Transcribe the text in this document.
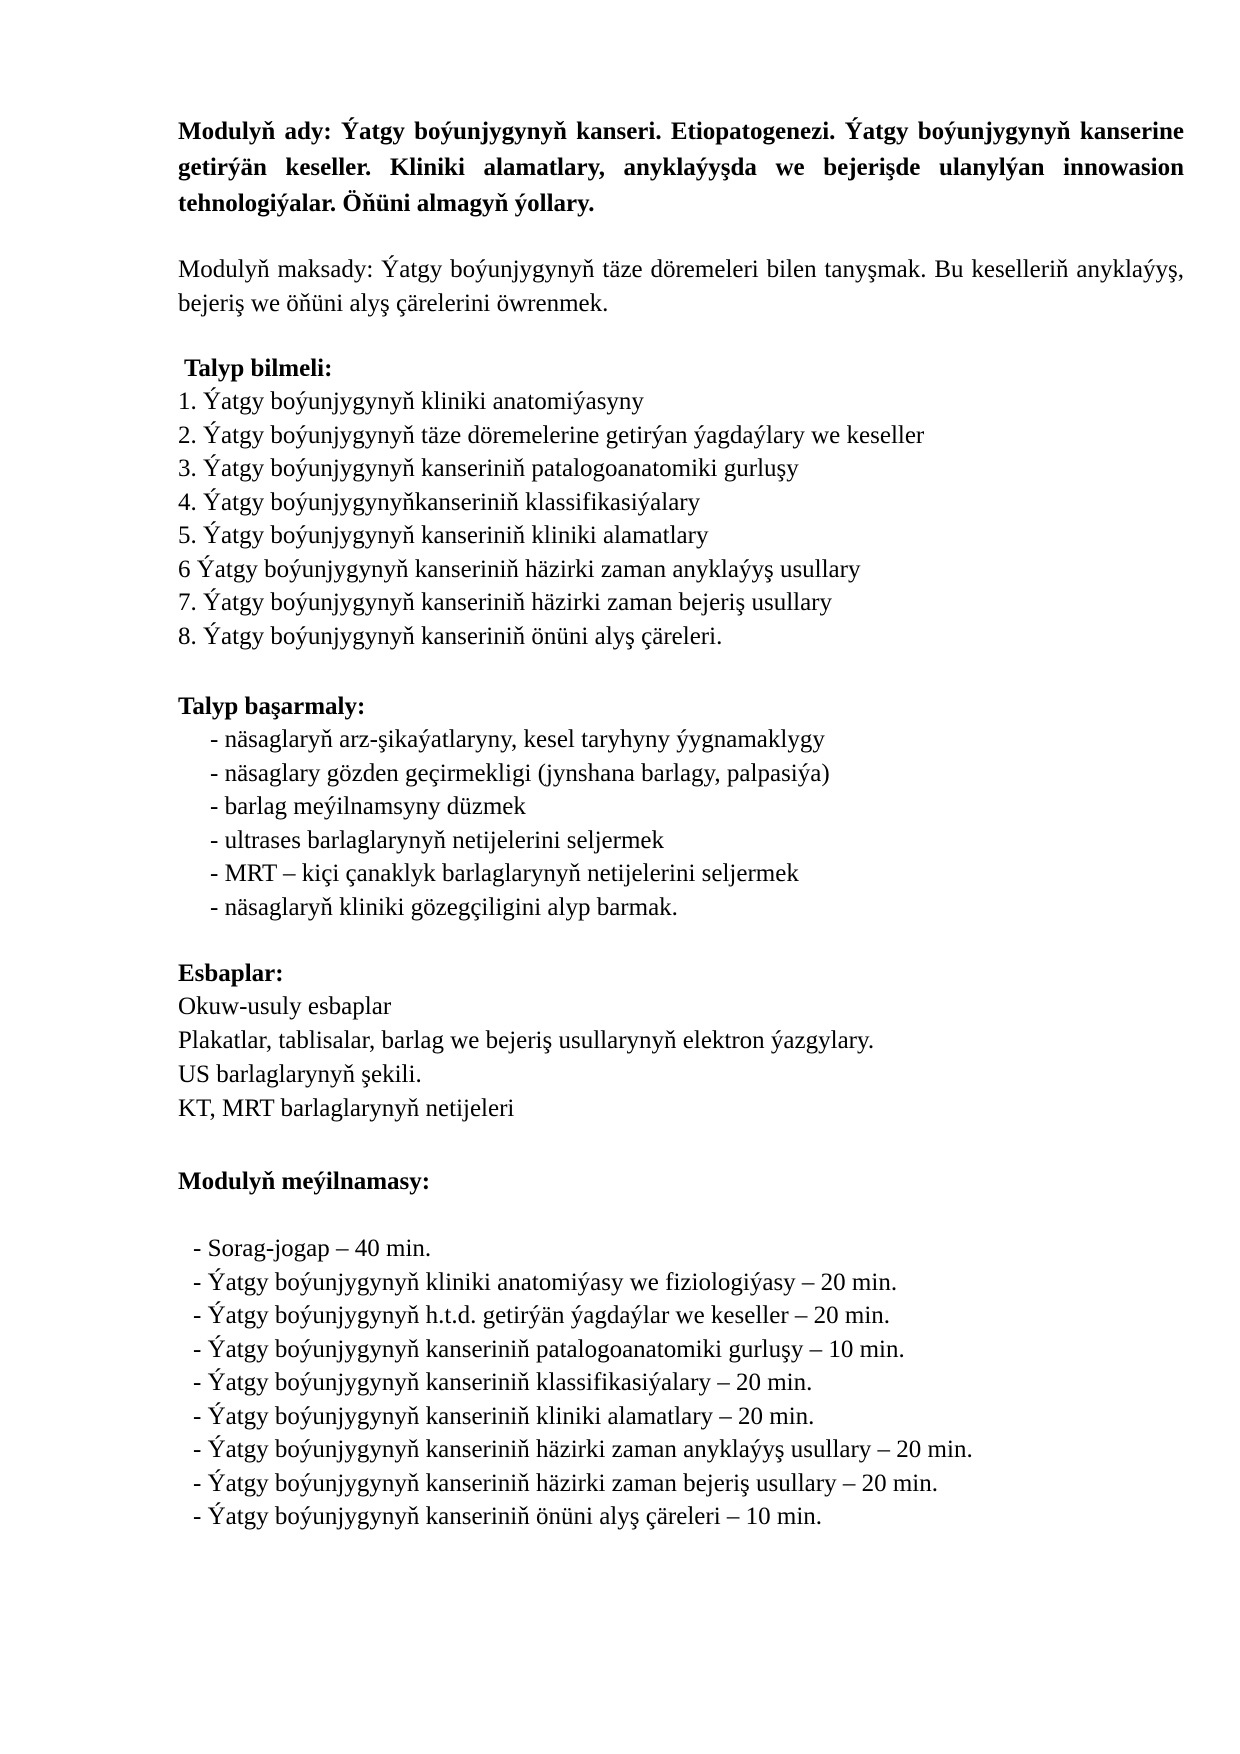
Modulyň ady: Ýatgy boýunjygynyň kanseri. Etiopatogenezi. Ýatgy boýunjygynyň kanserine getirýän keseller. Kliniki alamatlary, anyklaýyşda we bejerişde ulanylýan innowasion tehnologiýalar. Öňüni almagyň ýollary.
Modulyň maksady: Ýatgy boýunjygynyň täze döremeleri bilen tanyşmak. Bu keselleriň anyklaýyş, bejeriş we öňüni alyş çärelerini öwrenmek.
Talyp bilmeli:
1. Ýatgy boýunjygynyň kliniki anatomiýasyny
2. Ýatgy boýunjygynyň täze döremelerine getirýan ýagdaýlary we keseller
3. Ýatgy boýunjygynyň kanseriniň patalogoanatomiki gurluşy
4. Ýatgy boýunjygynyňkanseriniň klassifikasiýalary
5. Ýatgy boýunjygynyň kanseriniň kliniki alamatlary
6 Ýatgy boýunjygynyň kanseriniň häzirki zaman anyklaýyş usullary
7. Ýatgy boýunjygynyň kanseriniň häzirki zaman bejeriş usullary
8. Ýatgy boýunjygynyň kanseriniň önüni alyş çäreleri.
Talyp başarmaly:
- näsaglaryň arz-şikaýatlaryny, kesel taryhyny ýygnamaklygy
- näsaglary gözden geçirmekligi (jynshana barlagy, palpasiýa)
- barlag meýilnamsyny düzmek
- ultrases barlaglarynyň netijelerini seljermek
- MRT – kiçi çanaklyk barlaglarynyň netijelerini seljermek
- näsaglaryň kliniki gözegçiligini alyp barmak.
Esbaplar:
Okuw-usuly esbaplar
Plakatlar, tablisalar, barlag we bejeriş usullarynyň elektron ýazgylary.
US barlaglarynyň şekili.
KT, MRT barlaglarynyň netijeleri
Modulyň meýilnamasy:
- Sorag-jogap – 40 min.
- Ýatgy boýunjygynyň kliniki anatomiýasy we fiziologiýasy – 20 min.
- Ýatgy boýunjygynyň h.t.d. getirýän ýagdaýlar we keseller – 20 min.
- Ýatgy boýunjygynyň kanseriniň patalogoanatomiki gurluşy – 10 min.
- Ýatgy boýunjygynyň kanseriniň klassifikasiýalary – 20 min.
- Ýatgy boýunjygynyň kanseriniň kliniki alamatlary – 20 min.
- Ýatgy boýunjygynyň kanseriniň häzirki zaman anyklaýyş usullary – 20 min.
- Ýatgy boýunjygynyň kanseriniň häzirki zaman bejeriş usullary – 20 min.
- Ýatgy boýunjygynyň kanseriniň önüni alyş çäreleri – 10 min.
